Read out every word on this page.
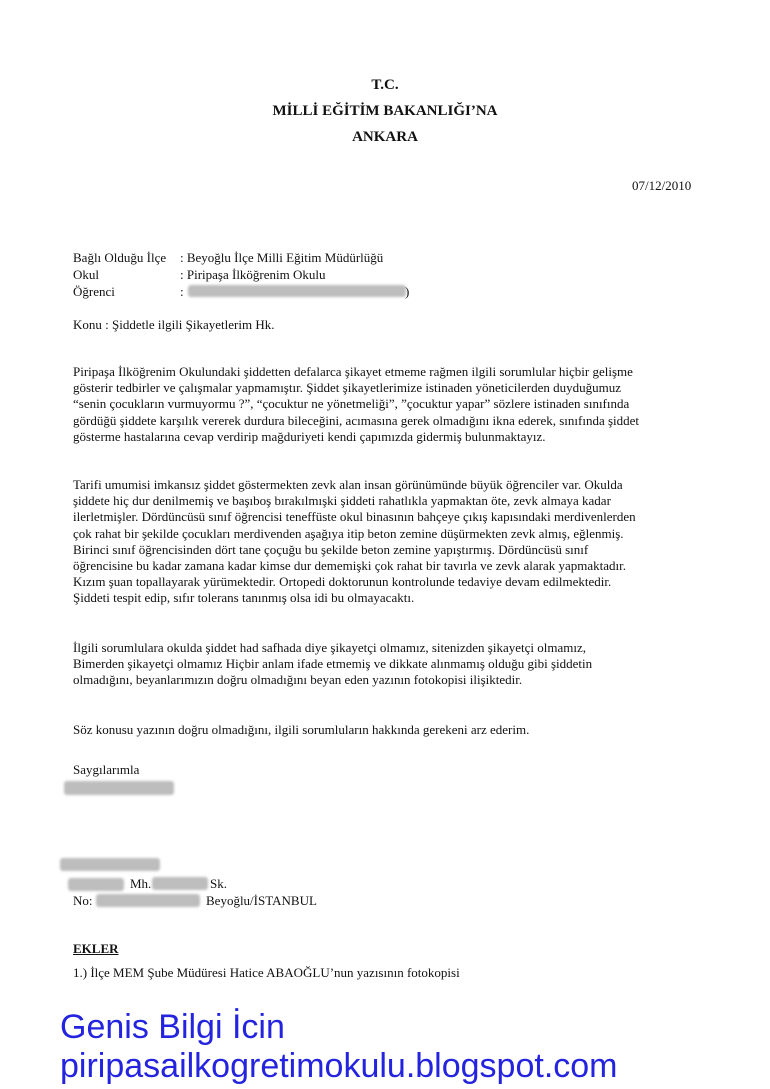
T.C.
MİLLİ EĞİTİM BAKANLIĞI’NA
ANKARA
07/12/2010
Bağlı Olduğu İlçe : Beyoğlu İlçe Milli Eğitim Müdürlüğü
Okul	: Piripaşa İlköğrenim Okulu
Öğrenci	:	)
Konu : Şiddetle ilgili Şikayetlerim Hk.
Piripaşa İlköğrenim Okulundaki şiddetten defalarca şikayet etmeme rağmen ilgili sorumlular hiçbir gelişme
gösterir tedbirler ve çalışmalar yapmamıştır. Şiddet şikayetlerimize istinaden yöneticilerden duyduğumuz
“senin çocukların vurmuyormu ?”, “çocuktur ne yönetmeliği”, ”çocuktur yapar” sözlere istinaden sınıfında
gördüğü şiddete karşılık vererek durdura bileceğini, acımasına gerek olmadığını ikna ederek, sınıfında şiddet
gösterme hastalarına cevap verdirip mağduriyeti kendi çapımızda gidermiş bulunmaktayız.
Tarifi umumisi imkansız şiddet göstermekten zevk alan insan görünümünde büyük öğrenciler var. Okulda
şiddete hiç dur denilmemiş ve başıboş bırakılmışki şiddeti rahatlıkla yapmaktan öte, zevk almaya kadar
ilerletmişler. Dördüncüsü sınıf öğrencisi teneffüste okul binasının bahçeye çıkış kapısındaki merdivenlerden
çok rahat bir şekilde çocukları merdivenden aşağıya itip beton zemine düşürmekten zevk almış, eğlenmiş.
Birinci sınıf öğrencisinden dört tane çoçuğu bu şekilde beton zemine yapıştırmış. Dördüncüsü sınıf
öğrencisine bu kadar zamana kadar kimse dur dememişki çok rahat bir tavırla ve zevk alarak yapmaktadır.
Kızım şuan topallayarak yürümektedir. Ortopedi doktorunun kontrolunde tedaviye devam edilmektedir.
Şiddeti tespit edip, sıfır tolerans tanınmış olsa idi bu olmayacaktı.
İlgili sorumlulara okulda şiddet had safhada diye şikayetçi olmamız, sitenizden şikayetçi olmamız,
Bimerden şikayetçi olmamız Hiçbir anlam ifade etmemiş ve dikkate alınmamış olduğu gibi şiddetin
olmadığını, beyanlarımızın doğru olmadığını beyan eden yazının fotokopisi ilişiktedir.
Söz konusu yazının doğru olmadığını, ilgili sorumluların hakkında gerekeni arz ederim.
Saygılarımla
Mh.	Sk.
No:	Beyoğlu/İSTANBUL
EKLER
1.) İlçe MEM Şube Müdüresi Hatice ABAOĞLU’nun yazısının fotokopisi
Genis Bilgi İcin
piripasailkogretimokulu.blogspot.com
